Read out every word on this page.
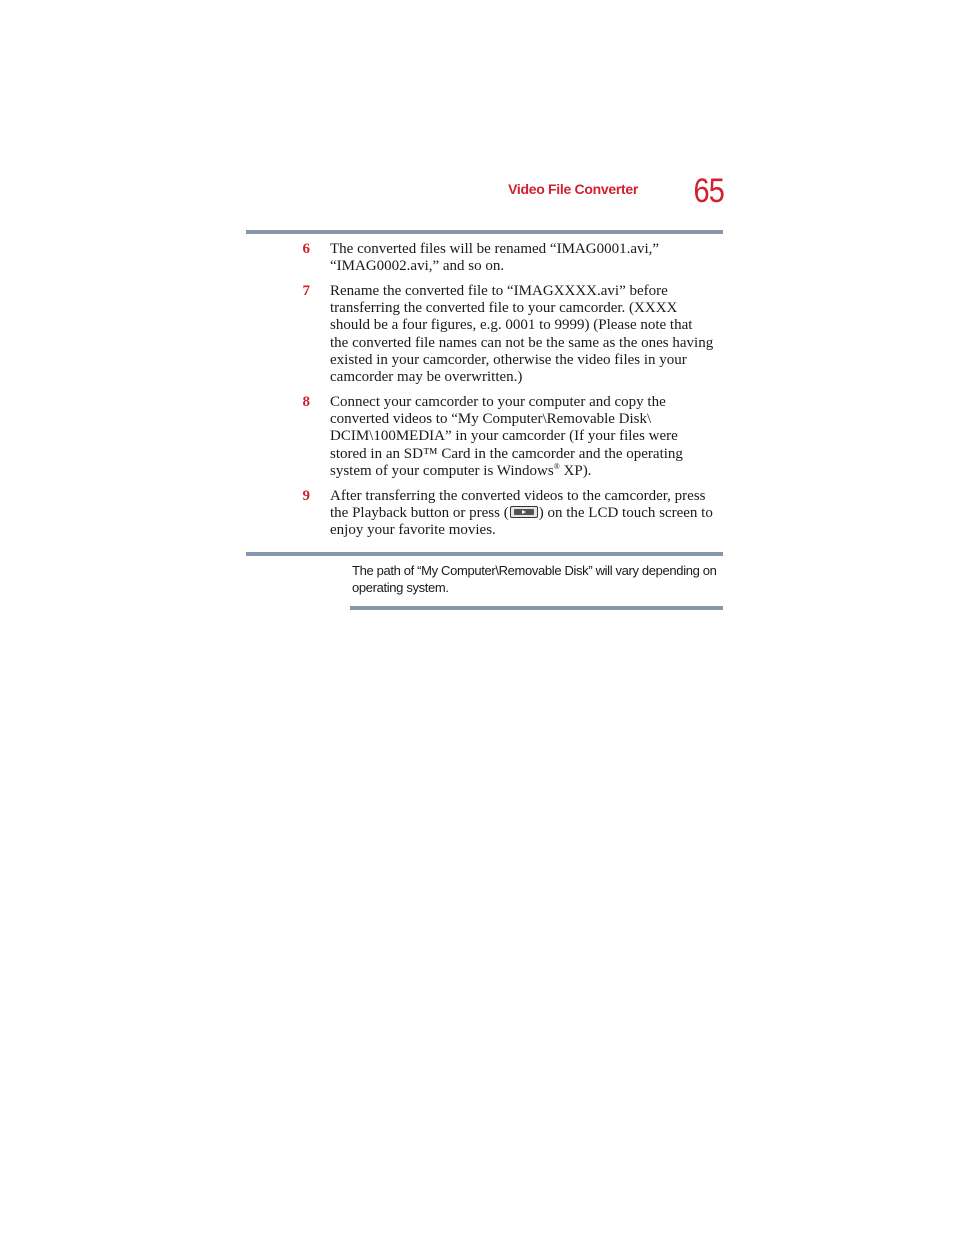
Video File Converter	65
6 The converted files will be renamed “IMAG0001.avi,”
“IMAG0002.avi,” and so on.
7 Rename the converted file to “IMAGXXXX.avi” before
transferring the converted file to your camcorder. (XXXX
should be a four figures, e.g. 0001 to 9999) (Please note that
the converted file names can not be the same as the ones having
existed in your camcorder, otherwise the video files in your
camcorder may be overwritten.)
8 Connect your camcorder to your computer and copy the
converted videos to “My Computer\Removable Disk\
DCIM\100MEDIA” in your camcorder (If your files were
stored in an SD™ Card in the camcorder and the operating
system of your computer is Windows® XP).
9 After transferring the converted videos to the camcorder, press
the Playback button or press ( ) on the LCD touch screen to
enjoy your favorite movies.
The path of “My Computer\Removable Disk” will vary depending on
operating system.
